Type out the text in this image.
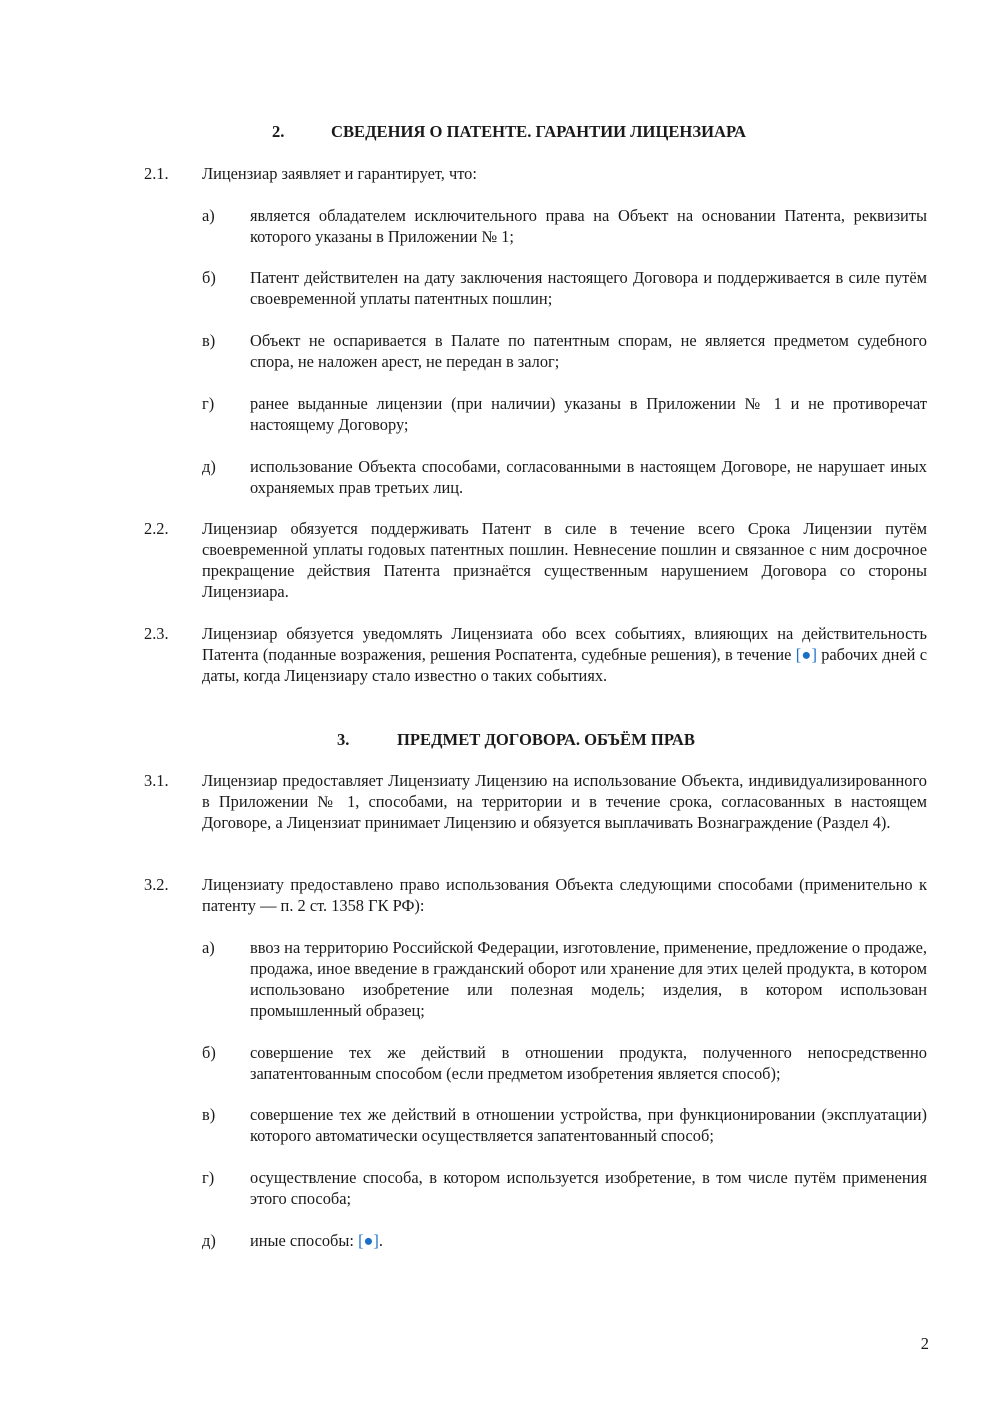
2.	СВЕДЕНИЯ О ПАТЕНТЕ. ГАРАНТИИ ЛИЦЕНЗИАРА
2.1. Лицензиар заявляет и гарантирует, что:
а) является обладателем исключительного права на Объект на основании Патента, реквизиты которого указаны в Приложении № 1;
б) Патент действителен на дату заключения настоящего Договора и поддерживается в силе путём своевременной уплаты патентных пошлин;
в) Объект не оспаривается в Палате по патентным спорам, не является предметом судебного спора, не наложен арест, не передан в залог;
г) ранее выданные лицензии (при наличии) указаны в Приложении № 1 и не противоречат настоящему Договору;
д) использование Объекта способами, согласованными в настоящем Договоре, не нарушает иных охраняемых прав третьих лиц.
2.2. Лицензиар обязуется поддерживать Патент в силе в течение всего Срока Лицензии путём своевременной уплаты годовых патентных пошлин. Невнесение пошлин и связанное с ним досрочное прекращение действия Патента признаётся существенным нарушением Договора со стороны Лицензиара.
2.3. Лицензиар обязуется уведомлять Лицензиата обо всех событиях, влияющих на действительность Патента (поданные возражения, решения Роспатента, судебные решения), в течение [●] рабочих дней с даты, когда Лицензиару стало известно о таких событиях.
3.	ПРЕДМЕТ ДОГОВОРА. ОБЪЁМ ПРАВ
3.1. Лицензиар предоставляет Лицензиату Лицензию на использование Объекта, индивидуализированного в Приложении № 1, способами, на территории и в течение срока, согласованных в настоящем Договоре, а Лицензиат принимает Лицензию и обязуется выплачивать Вознаграждение (Раздел 4).
3.2. Лицензиату предоставлено право использования Объекта следующими способами (применительно к патенту — п. 2 ст. 1358 ГК РФ):
а) ввоз на территорию Российской Федерации, изготовление, применение, предложение о продаже, продажа, иное введение в гражданский оборот или хранение для этих целей продукта, в котором использовано изобретение или полезная модель; изделия, в котором использован промышленный образец;
б) совершение тех же действий в отношении продукта, полученного непосредственно запатентованным способом (если предметом изобретения является способ);
в) совершение тех же действий в отношении устройства, при функционировании (эксплуатации) которого автоматически осуществляется запатентованный способ;
г) осуществление способа, в котором используется изобретение, в том числе путём применения этого способа;
д) иные способы: [●].
2
